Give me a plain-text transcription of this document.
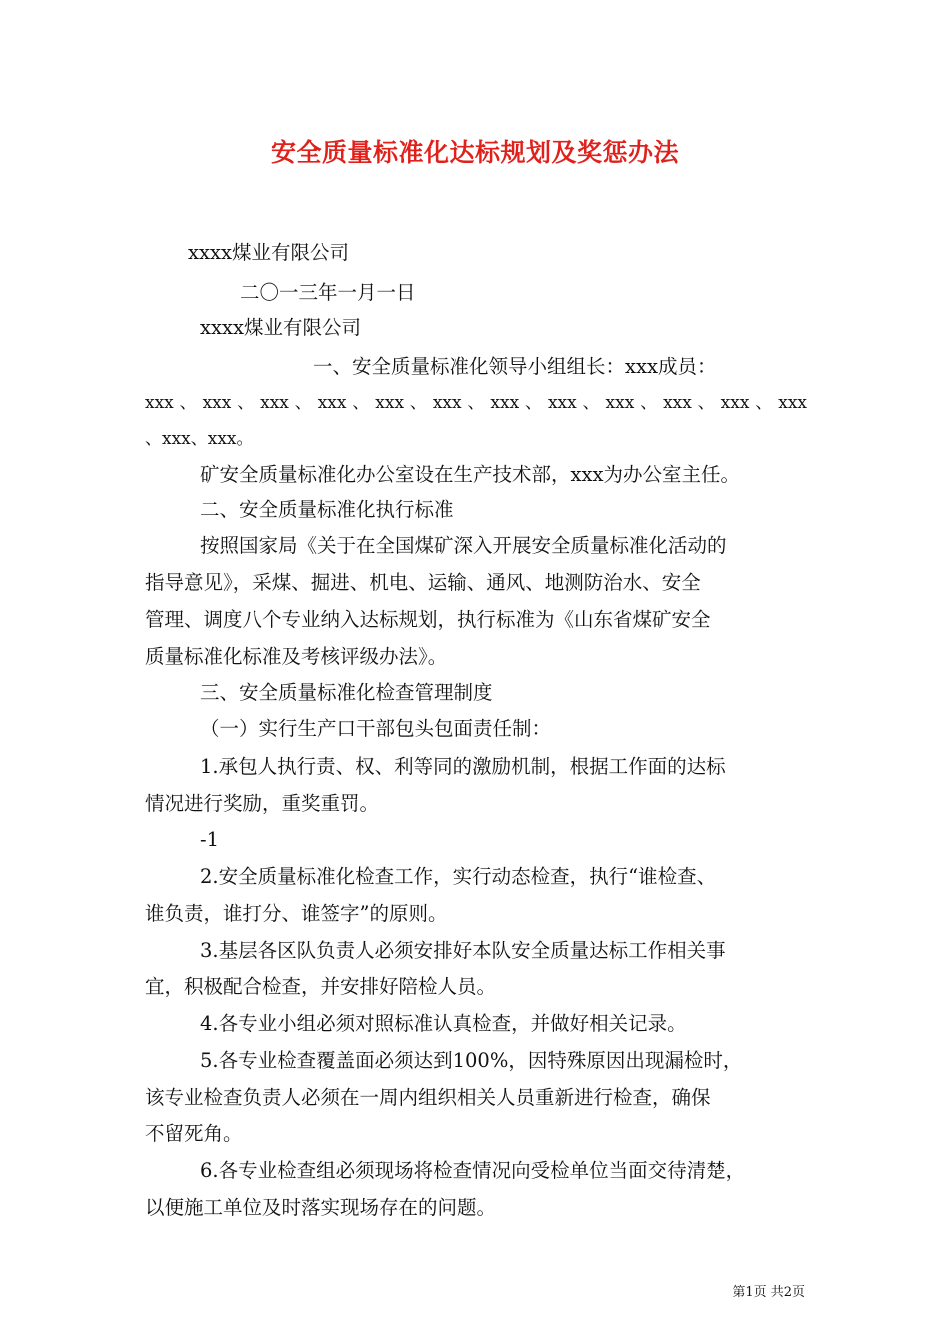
安全质量标准化达标规划及奖惩办法
xxxx煤业有限公司
二〇一三年一月一日
xxxx煤业有限公司
一、安全质量标准化领导小组组长：xxx成员：
xxx、xxx、xxx、xxx、xxx、xxx、xxx、xxx、xxx、xxx、xxx、xxx
、xxx、xxx。
矿安全质量标准化办公室设在生产技术部，xxx为办公室主任。
二、安全质量标准化执行标准
按照国家局《关于在全国煤矿深入开展安全质量标准化活动的
指导意见》，采煤、掘进、机电、运输、通风、地测防治水、安全
管理、调度八个专业纳入达标规划，执行标准为《山东省煤矿安全
质量标准化标准及考核评级办法》。
三、安全质量标准化检查管理制度
（一）实行生产口干部包头包面责任制：
1.承包人执行责、权、利等同的激励机制，根据工作面的达标
情况进行奖励，重奖重罚。
-1
2.安全质量标准化检查工作，实行动态检查，执行“谁检查、
谁负责，谁打分、谁签字”的原则。
3.基层各区队负责人必须安排好本队安全质量达标工作相关事
宜，积极配合检查，并安排好陪检人员。
4.各专业小组必须对照标准认真检查，并做好相关记录。
5.各专业检查覆盖面必须达到100%，因特殊原因出现漏检时，
该专业检查负责人必须在一周内组织相关人员重新进行检查，确保
不留死角。
6.各专业检查组必须现场将检查情况向受检单位当面交待清楚，
以便施工单位及时落实现场存在的问题。
第1页 共2页
